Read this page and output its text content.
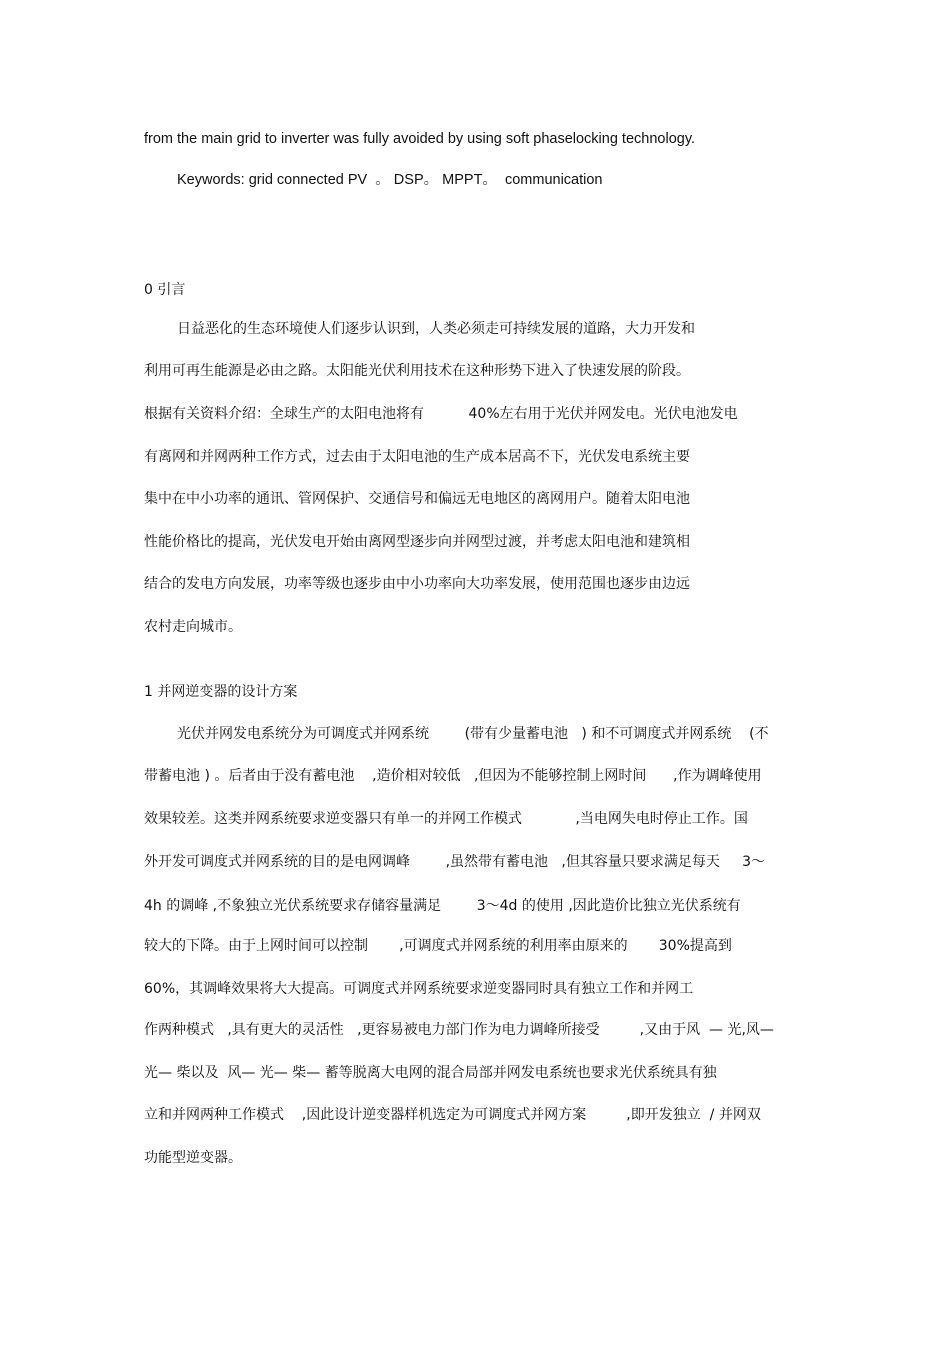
from the main grid to inverter was fully avoided by using soft phaselocking technology.
Keywords: grid connected PV  。 DSP。 MPPT。  communication
0 引言
日益恶化的生态环境使人们逐步认识到，人类必须走可持续发展的道路，大力开发和
利用可再生能源是必由之路。太阳能光伏利用技术在这种形势下进入了快速发展的阶段。
根据有关资料介绍：全球生产的太阳电池将有          40%左右用于光伏并网发电。光伏电池发电
有离网和并网两种工作方式，过去由于太阳电池的生产成本居高不下，光伏发电系统主要
集中在中小功率的通讯、管网保护、交通信号和偏远无电地区的离网用户。随着太阳电池
性能价格比的提高，光伏发电开始由离网型逐步向并网型过渡，并考虑太阳电池和建筑相
结合的发电方向发展，功率等级也逐步由中小功率向大功率发展，使用范围也逐步由边远
农村走向城市。
1 并网逆变器的设计方案
光伏并网发电系统分为可调度式并网系统        (带有少量蓄电池   ) 和不可调度式并网系统    (不
带蓄电池 ) 。后者由于没有蓄电池    ,造价相对较低   ,但因为不能够控制上网时间      ,作为调峰使用
效果较差。这类并网系统要求逆变器只有单一的并网工作模式            ,当电网失电时停止工作。国
外开发可调度式并网系统的目的是电网调峰        ,虽然带有蓄电池   ,但其容量只要求满足每天     3～
4h 的调峰 ,不象独立光伏系统要求存储容量满足        3～4d 的使用 ,因此造价比独立光伏系统有
较大的下降。由于上网时间可以控制       ,可调度式并网系统的利用率由原来的       30%提高到
60%，其调峰效果将大大提高。可调度式并网系统要求逆变器同时具有独立工作和并网工
作两种模式   ,具有更大的灵活性   ,更容易被电力部门作为电力调峰所接受         ,又由于风  — 光,风—
光— 柴以及  风— 光— 柴— 蓄等脱离大电网的混合局部并网发电系统也要求光伏系统具有独
立和并网两种工作模式    ,因此设计逆变器样机选定为可调度式并网方案         ,即开发独立  / 并网双
功能型逆变器。
